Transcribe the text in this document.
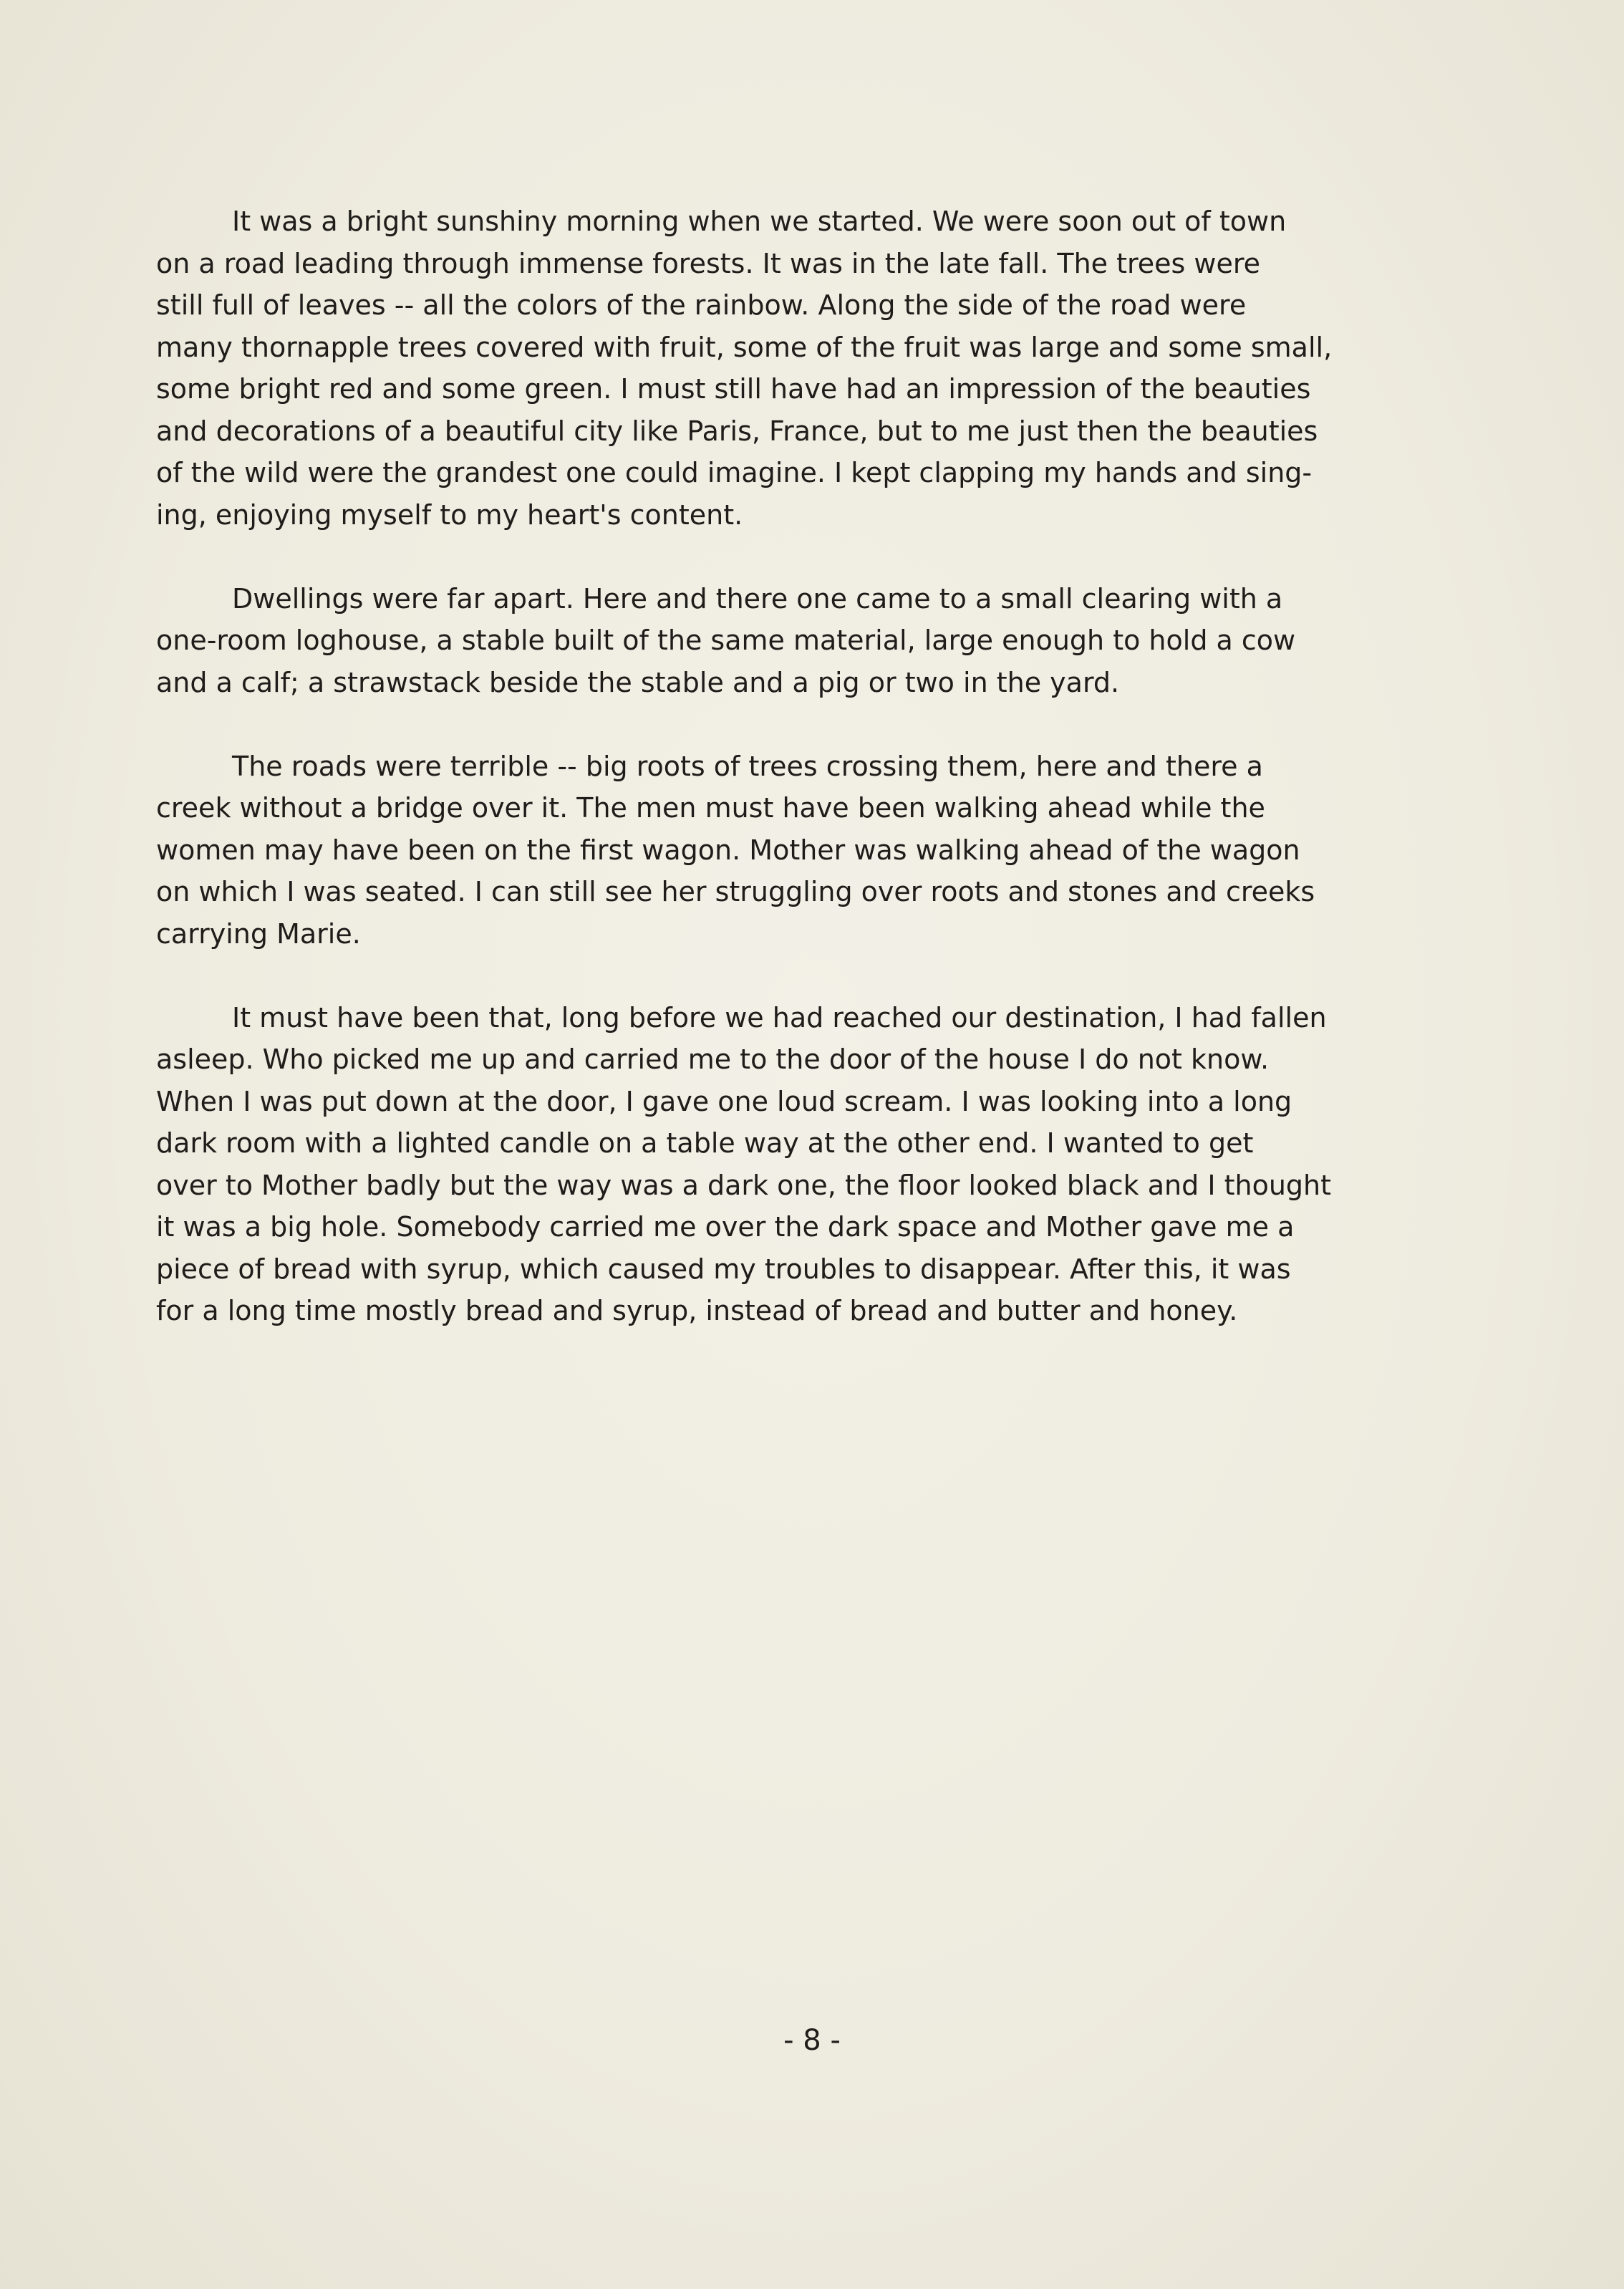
It was a bright sunshiny morning when we started. We were soon out of town
on a road leading through immense forests. It was in the late fall. The trees were
still full of leaves -- all the colors of the rainbow. Along the side of the road were
many thornapple trees covered with fruit, some of the fruit was large and some small,
some bright red and some green. I must still have had an impression of the beauties
and decorations of a beautiful city like Paris, France, but to me just then the beauties
of the wild were the grandest one could imagine. I kept clapping my hands and sing-
ing, enjoying myself to my heart's content.
Dwellings were far apart. Here and there one came to a small clearing with a
one-room loghouse, a stable built of the same material, large enough to hold a cow
and a calf; a strawstack beside the stable and a pig or two in the yard.
The roads were terrible -- big roots of trees crossing them, here and there a
creek without a bridge over it. The men must have been walking ahead while the
women may have been on the first wagon. Mother was walking ahead of the wagon
on which I was seated. I can still see her struggling over roots and stones and creeks
carrying Marie.
It must have been that, long before we had reached our destination, I had fallen
asleep. Who picked me up and carried me to the door of the house I do not know.
When I was put down at the door, I gave one loud scream. I was looking into a long
dark room with a lighted candle on a table way at the other end. I wanted to get
over to Mother badly but the way was a dark one, the floor looked black and I thought
it was a big hole. Somebody carried me over the dark space and Mother gave me a
piece of bread with syrup, which caused my troubles to disappear. After this, it was
for a long time mostly bread and syrup, instead of bread and butter and honey.
- 8 -
